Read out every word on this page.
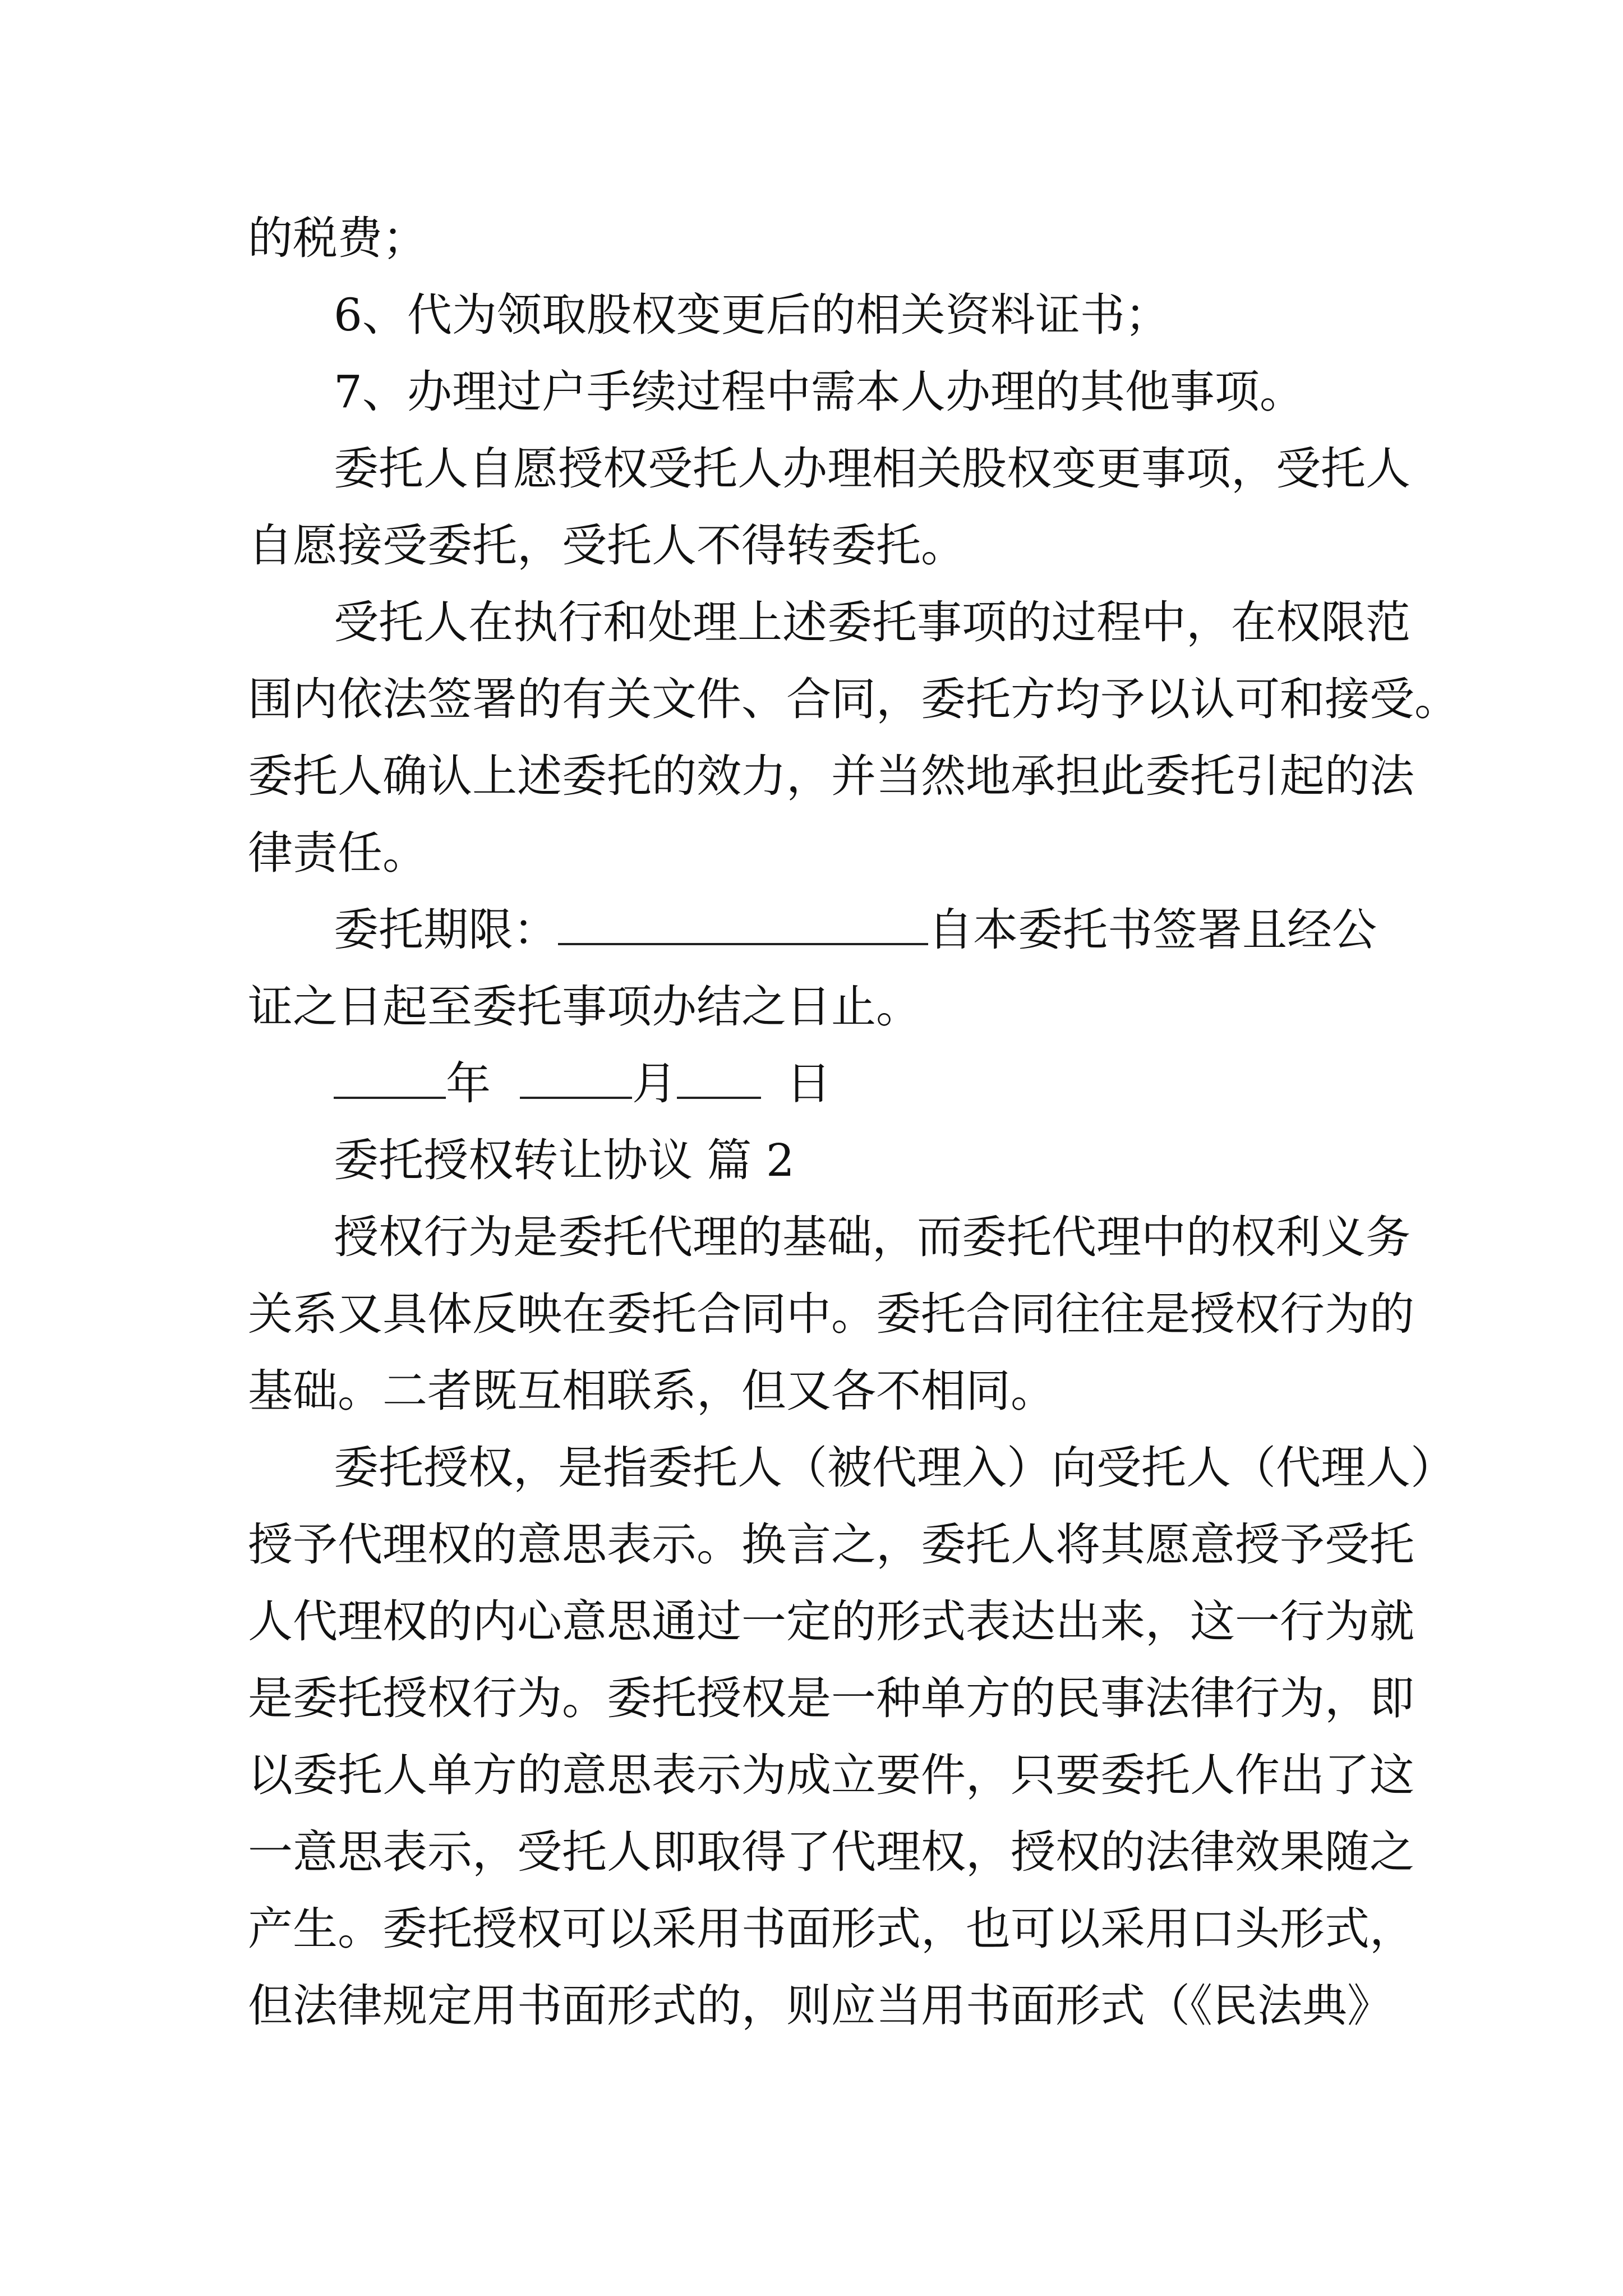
的税费；
6、代为领取股权变更后的相关资料证书；
7、办理过户手续过程中需本人办理的其他事项。
委托人自愿授权受托人办理相关股权变更事项，受托人
自愿接受委托，受托人不得转委托。
受托人在执行和处理上述委托事项的过程中，在权限范
围内依法签署的有关文件、合同，委托方均予以认可和接受。
委托人确认上述委托的效力，并当然地承担此委托引起的法
律责任。
委托期限：	自本委托书签署且经公
证之日起至委托事项办结之日止。
年	月 日
委托授权转让协议 篇 2
授权行为是委托代理的基础，而委托代理中的权利义务
关系又具体反映在委托合同中。委托合同往往是授权行为的
基础。二者既互相联系，但又各不相同。
委托授权，是指委托人（被代理入）向受托人（代理人）
授予代理权的意思表示。换言之，委托人将其愿意授予受托
人代理权的内心意思通过一定的形式表达出来，这一行为就
是委托授权行为。委托授权是一种单方的民事法律行为，即
以委托人单方的意思表示为成立要件，只要委托人作出了这
一意思表示，受托人即取得了代理权，授权的法律效果随之
产生。委托授权可以采用书面形式，也可以采用口头形式，
但法律规定用书面形式的，则应当用书面形式（《民法典》
